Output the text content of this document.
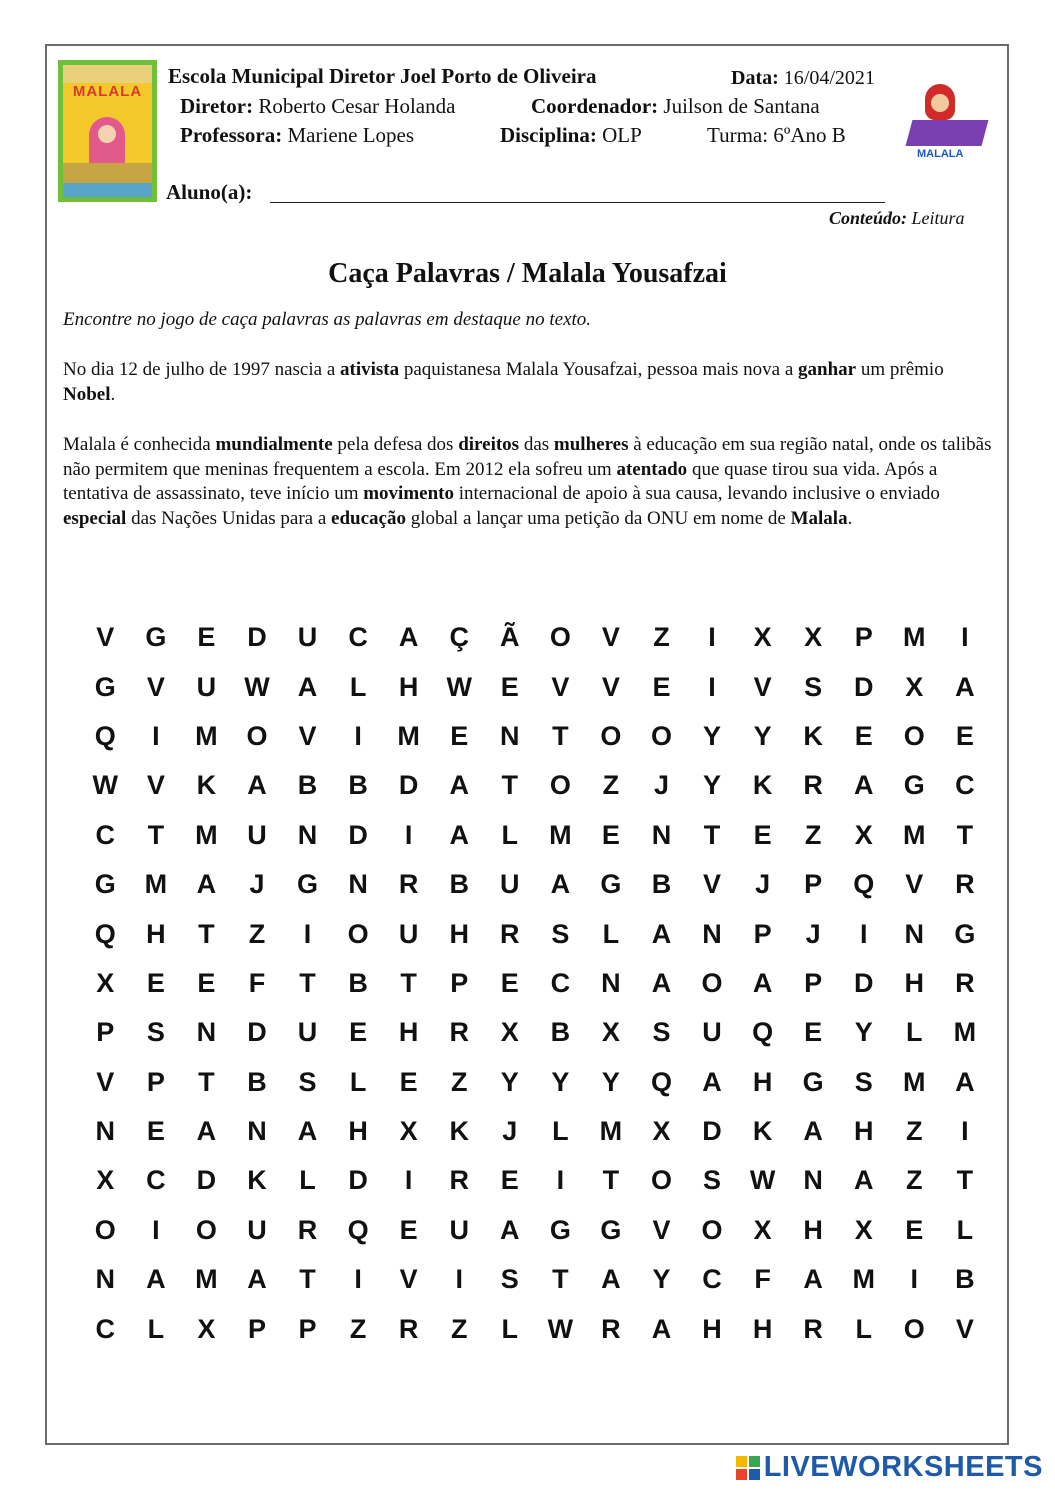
MALALA
Escola Municipal Diretor Joel Porto de Oliveira	Data: 16/04/2021
Diretor: Roberto Cesar Holanda	Coordenador: Juilson de Santana
Professora: Mariene Lopes	Disciplina: OLP	Turma: 6ºAno B
MALALA
Aluno(a):
Conteúdo: Leitura
Caça Palavras / Malala Yousafzai
Encontre no jogo de caça palavras as palavras em destaque no texto.
No dia 12 de julho de 1997 nascia a ativista paquistanesa Malala Yousafzai, pessoa mais nova a ganhar um prêmio Nobel.
Malala é conhecida mundialmente pela defesa dos direitos das mulheres à educação em sua região natal, onde os talibãs não permitem que meninas frequentem a escola. Em 2012 ela sofreu um atentado que quase tirou sua vida. Após a tentativa de assassinato, teve início um movimento internacional de apoio à sua causa, levando inclusive o enviado especial das Nações Unidas para a educação global a lançar uma petição da ONU em nome de Malala.
V	G	E	D	U	C	A	Ç	Ã	O	V	Z	I	X	X	P	M	I
G	V	U	W	A	L	H	W	E	V	V	E	I	V	S	D	X	A
Q	I	M	O	V	I	M	E	N	T	O	O	Y	Y	K	E	O	E
W	V	K	A	B	B	D	A	T	O	Z	J	Y	K	R	A	G	C
C	T	M	U	N	D	I	A	L	M	E	N	T	E	Z	X	M	T
G	M	A	J	G	N	R	B	U	A	G	B	V	J	P	Q	V	R
Q	H	T	Z	I	O	U	H	R	S	L	A	N	P	J	I	N	G
X	E	E	F	T	B	T	P	E	C	N	A	O	A	P	D	H	R
P	S	N	D	U	E	H	R	X	B	X	S	U	Q	E	Y	L	M
V	P	T	B	S	L	E	Z	Y	Y	Y	Q	A	H	G	S	M	A
N	E	A	N	A	H	X	K	J	L	M	X	D	K	A	H	Z	I
X	C	D	K	L	D	I	R	E	I	T	O	S	W	N	A	Z	T
O	I	O	U	R	Q	E	U	A	G	G	V	O	X	H	X	E	L
N	A	M	A	T	I	V	I	S	T	A	Y	C	F	A	M	I	B
C	L	X	P	P	Z	R	Z	L	W	R	A	H	H	R	L	O	V
LIVEWORKSHEETS
